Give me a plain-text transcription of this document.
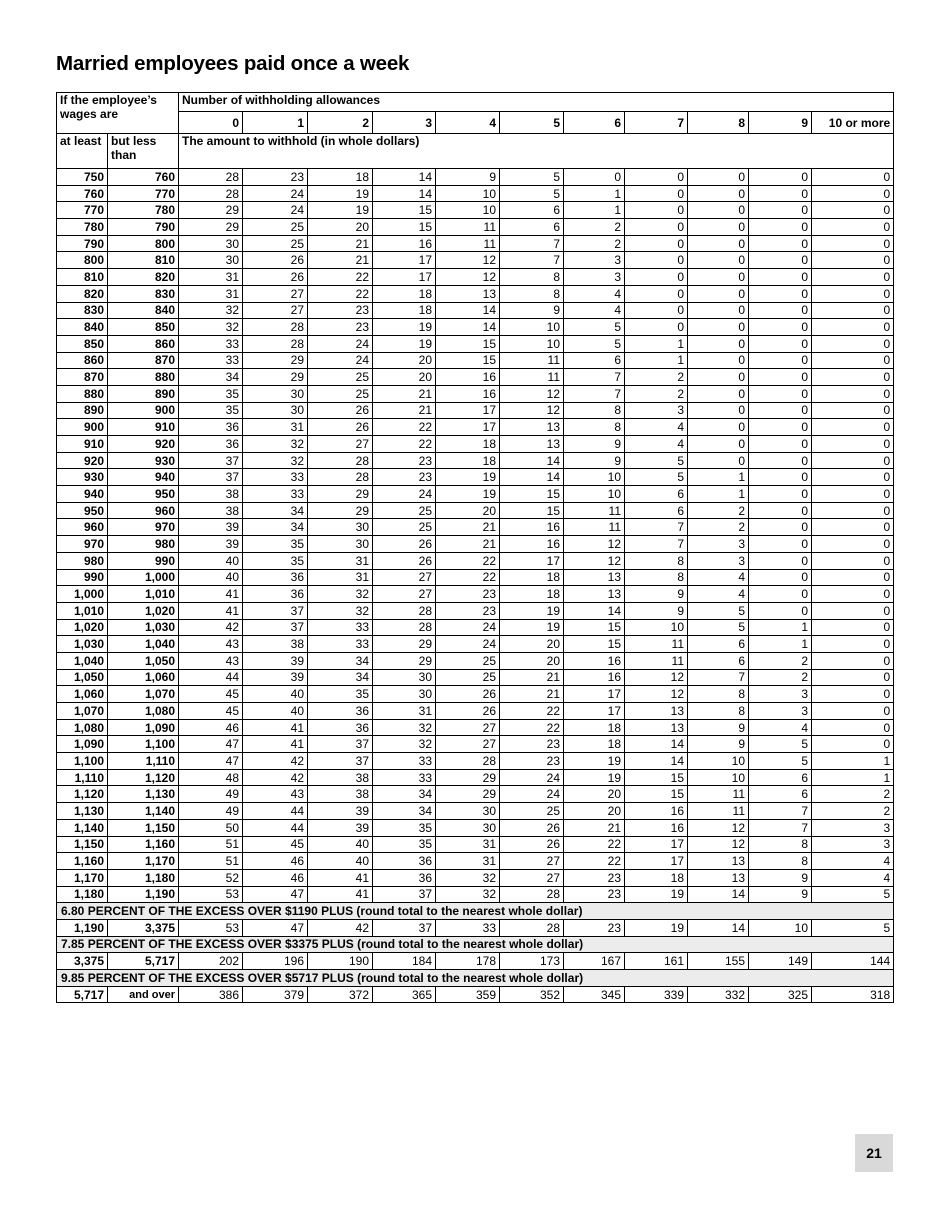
Married employees paid once a week
If the employee’s wages are		Number of withholding allowances										
		0	1	2	3	4	5	6	7	8	9	10 or more
at least	but less than	The amount to withhold (in whole dollars)										
750	760	28	23	18	14	9	5	0	0	0	0	0
760	770	28	24	19	14	10	5	1	0	0	0	0
770	780	29	24	19	15	10	6	1	0	0	0	0
780	790	29	25	20	15	11	6	2	0	0	0	0
790	800	30	25	21	16	11	7	2	0	0	0	0
800	810	30	26	21	17	12	7	3	0	0	0	0
810	820	31	26	22	17	12	8	3	0	0	0	0
820	830	31	27	22	18	13	8	4	0	0	0	0
830	840	32	27	23	18	14	9	4	0	0	0	0
840	850	32	28	23	19	14	10	5	0	0	0	0
850	860	33	28	24	19	15	10	5	1	0	0	0
860	870	33	29	24	20	15	11	6	1	0	0	0
870	880	34	29	25	20	16	11	7	2	0	0	0
880	890	35	30	25	21	16	12	7	2	0	0	0
890	900	35	30	26	21	17	12	8	3	0	0	0
900	910	36	31	26	22	17	13	8	4	0	0	0
910	920	36	32	27	22	18	13	9	4	0	0	0
920	930	37	32	28	23	18	14	9	5	0	0	0
930	940	37	33	28	23	19	14	10	5	1	0	0
940	950	38	33	29	24	19	15	10	6	1	0	0
950	960	38	34	29	25	20	15	11	6	2	0	0
960	970	39	34	30	25	21	16	11	7	2	0	0
970	980	39	35	30	26	21	16	12	7	3	0	0
980	990	40	35	31	26	22	17	12	8	3	0	0
990	1,000	40	36	31	27	22	18	13	8	4	0	0
1,000	1,010	41	36	32	27	23	18	13	9	4	0	0
1,010	1,020	41	37	32	28	23	19	14	9	5	0	0
1,020	1,030	42	37	33	28	24	19	15	10	5	1	0
1,030	1,040	43	38	33	29	24	20	15	11	6	1	0
1,040	1,050	43	39	34	29	25	20	16	11	6	2	0
1,050	1,060	44	39	34	30	25	21	16	12	7	2	0
1,060	1,070	45	40	35	30	26	21	17	12	8	3	0
1,070	1,080	45	40	36	31	26	22	17	13	8	3	0
1,080	1,090	46	41	36	32	27	22	18	13	9	4	0
1,090	1,100	47	41	37	32	27	23	18	14	9	5	0
1,100	1,110	47	42	37	33	28	23	19	14	10	5	1
1,110	1,120	48	42	38	33	29	24	19	15	10	6	1
1,120	1,130	49	43	38	34	29	24	20	15	11	6	2
1,130	1,140	49	44	39	34	30	25	20	16	11	7	2
1,140	1,150	50	44	39	35	30	26	21	16	12	7	3
1,150	1,160	51	45	40	35	31	26	22	17	12	8	3
1,160	1,170	51	46	40	36	31	27	22	17	13	8	4
1,170	1,180	52	46	41	36	32	27	23	18	13	9	4
1,180	1,190	53	47	41	37	32	28	23	19	14	9	5
6.80 PERCENT OF THE EXCESS OVER $1190 PLUS (round total to the nearest whole dollar)												
1,190	3,375	53	47	42	37	33	28	23	19	14	10	5
7.85 PERCENT OF THE EXCESS OVER $3375 PLUS (round total to the nearest whole dollar)												
3,375	5,717	202	196	190	184	178	173	167	161	155	149	144
9.85 PERCENT OF THE EXCESS OVER $5717 PLUS (round total to the nearest whole dollar)												
5,717	and over	386	379	372	365	359	352	345	339	332	325	318
21
